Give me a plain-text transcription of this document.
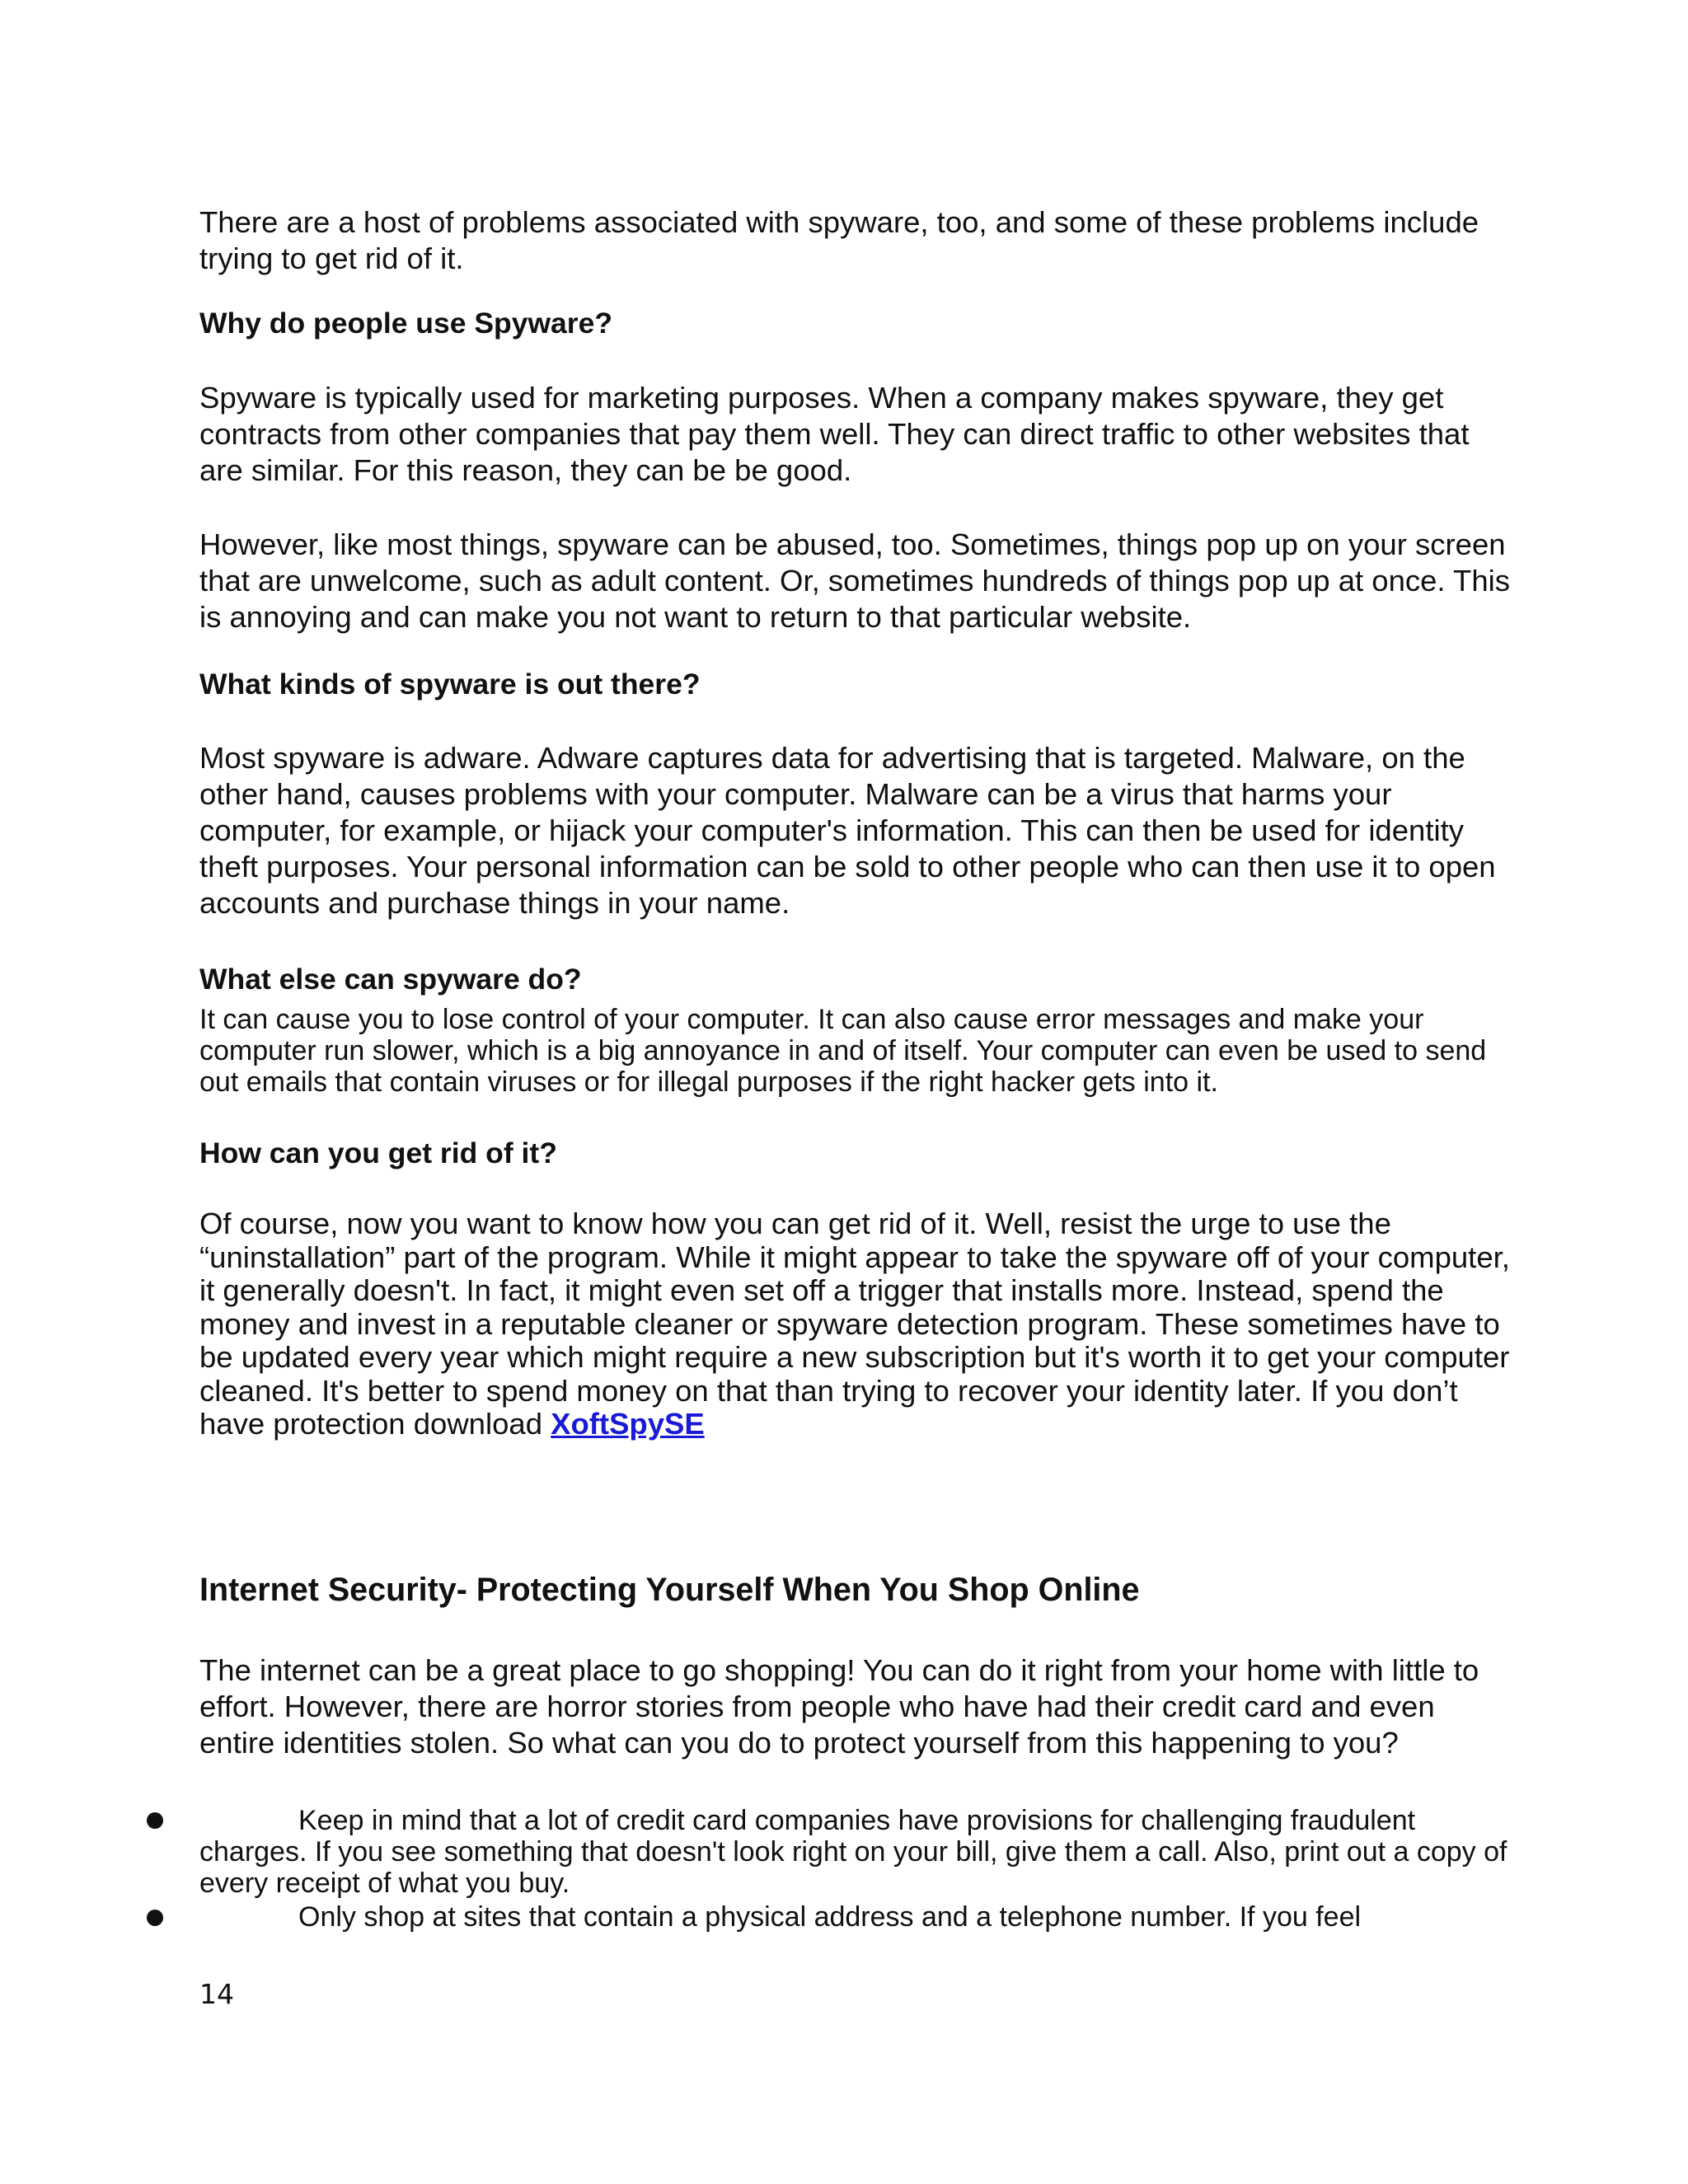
There are a host of problems associated with spyware, too, and some of these problems include trying to get rid of it.

Why do people use Spyware?

Spyware is typically used for marketing purposes. When a company makes spyware, they get contracts from other companies that pay them well. They can direct traffic to other websites that are similar. For this reason, they can be be good.

However, like most things, spyware can be abused, too. Sometimes, things pop up on your screen that are unwelcome, such as adult content. Or, sometimes hundreds of things pop up at once. This is annoying and can make you not want to return to that particular website.

What kinds of spyware is out there?

Most spyware is adware. Adware captures data for advertising that is targeted. Malware, on the other hand, causes problems with your computer. Malware can be a virus that harms your computer, for example, or hijack your computer's information. This can then be used for identity theft purposes. Your personal information can be sold to other people who can then use it to open accounts and purchase things in your name.

What else can spyware do?

It can cause you to lose control of your computer. It can also cause error messages and make your computer run slower, which is a big annoyance in and of itself. Your computer can even be used to send out emails that contain viruses or for illegal purposes if the right hacker gets into it.

How can you get rid of it?

Of course, now you want to know how you can get rid of it. Well, resist the urge to use the “uninstallation” part of the program. While it might appear to take the spyware off of your computer, it generally doesn't. In fact, it might even set off a trigger that installs more. Instead, spend the money and invest in a reputable cleaner or spyware detection program. These sometimes have to be updated every year which might require a new subscription but it's worth it to get your computer cleaned. It's better to spend money on that than trying to recover your identity later. If you don’t have protection download XoftSpySE

Internet Security- Protecting Yourself When You Shop Online

The internet can be a great place to go shopping! You can do it right from your home with little to effort. However, there are horror stories from people who have had their credit card and even entire identities stolen. So what can you do to protect yourself from this happening to you?

Keep in mind that a lot of credit card companies have provisions for challenging fraudulent charges. If you see something that doesn't look right on your bill, give them a call. Also, print out a copy of every receipt of what you buy.

Only shop at sites that contain a physical address and a telephone number. If you feel

14
